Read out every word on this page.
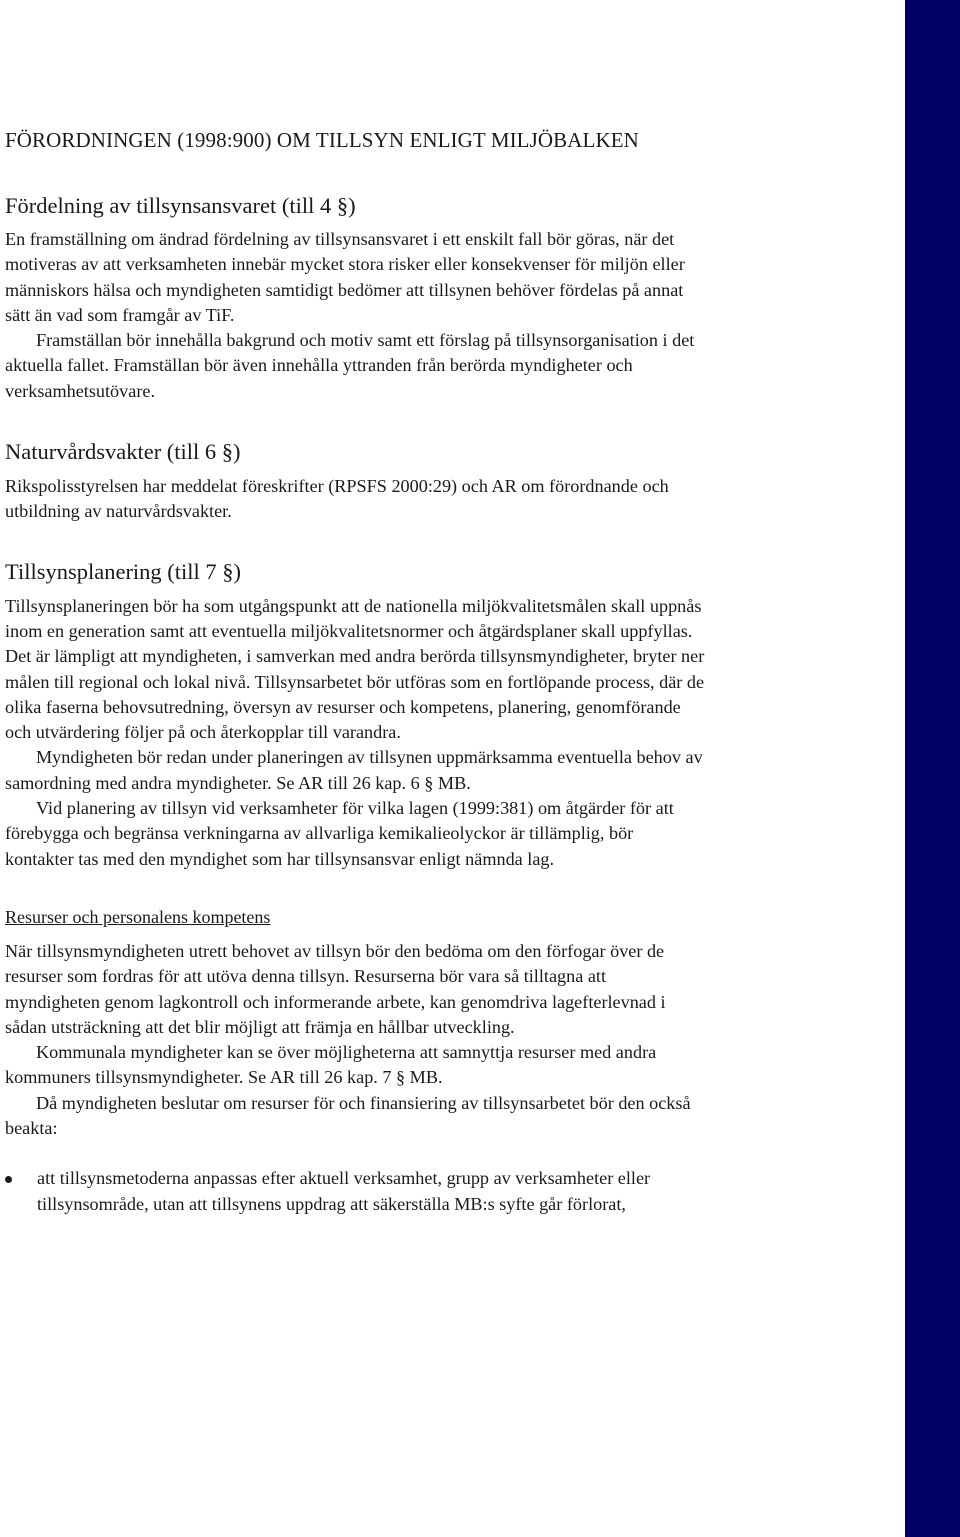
FÖRORDNINGEN (1998:900) OM TILLSYN ENLIGT MILJÖBALKEN
Fördelning av tillsynsansvaret (till 4 §)

En framställning om ändrad fördelning av tillsynsansvaret i ett enskilt fall bör göras, när det motiveras av att verksamheten innebär mycket stora risker eller konsekvenser för miljön eller människors hälsa och myndigheten samtidigt bedömer att tillsynen behöver fördelas på annat sätt än vad som framgår av TiF.

Framställan bör innehålla bakgrund och motiv samt ett förslag på tillsynsorganisation i det aktuella fallet. Framställan bör även innehålla yttranden från berörda myndigheter och verksamhetsutövare.

Naturvårdsvakter (till 6 §)

Rikspolisstyrelsen har meddelat föreskrifter (RPSFS 2000:29) och AR om förordnande och utbildning av naturvårdsvakter.

Tillsynsplanering (till 7 §)

Tillsynsplaneringen bör ha som utgångspunkt att de nationella miljökvalitetsmålen skall uppnås inom en generation samt att eventuella miljökvalitetsnormer och åtgärdsplaner skall uppfyllas. Det är lämpligt att myndigheten, i samverkan med andra berörda tillsynsmyndigheter, bryter ner målen till regional och lokal nivå. Tillsynsarbetet bör utföras som en fortlöpande process, där de olika faserna behovsutredning, översyn av resurser och kompetens, planering, genomförande och utvärdering följer på och återkopplar till varandra.

Myndigheten bör redan under planeringen av tillsynen uppmärksamma eventuella behov av samordning med andra myndigheter. Se AR till 26 kap. 6 § MB.

Vid planering av tillsyn vid verksamheter för vilka lagen (1999:381) om åtgärder för att förebygga och begränsa verkningarna av allvarliga kemikalieolyckor är tillämplig, bör kontakter tas med den myndighet som har tillsynsansvar enligt nämnda lag.

Resurser och personalens kompetens

När tillsynsmyndigheten utrett behovet av tillsyn bör den bedöma om den förfogar över de resurser som fordras för att utöva denna tillsyn. Resurserna bör vara så tilltagna att myndigheten genom lagkontroll och informerande arbete, kan genomdriva lagefterlevnad i sådan utsträckning att det blir möjligt att främja en hållbar utveckling.

Kommunala myndigheter kan se över möjligheterna att samnyttja resurser med andra kommuners tillsynsmyndigheter. Se AR till 26 kap. 7 § MB.

Då myndigheten beslutar om resurser för och finansiering av tillsynsarbetet bör den också beakta:

att tillsynsmetoderna anpassas efter aktuell verksamhet, grupp av verksamheter eller tillsynsområde, utan att tillsynens uppdrag att säkerställa MB:s syfte går förlorat,
